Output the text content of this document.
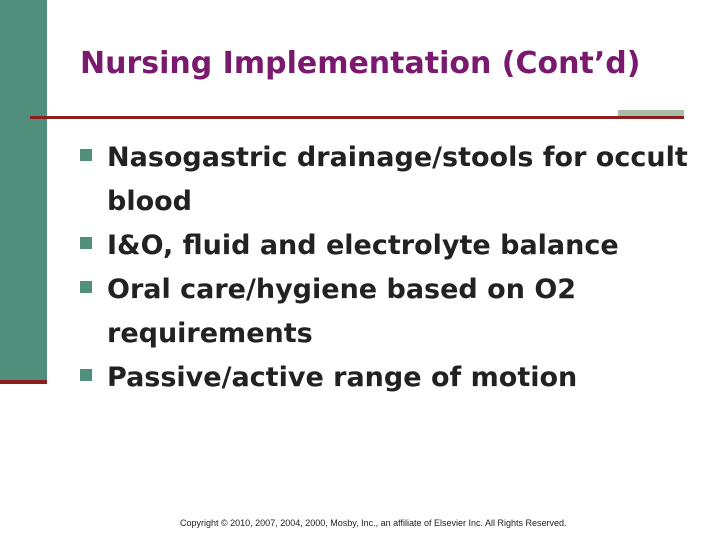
Nursing Implementation (Cont’d)
Nasogastric drainage/stools for occult blood
I&O, fluid and electrolyte balance
Oral care/hygiene based on O2 requirements
Passive/active range of motion
Copyright © 2010, 2007, 2004, 2000, Mosby, Inc., an affiliate of Elsevier Inc. All Rights Reserved.
